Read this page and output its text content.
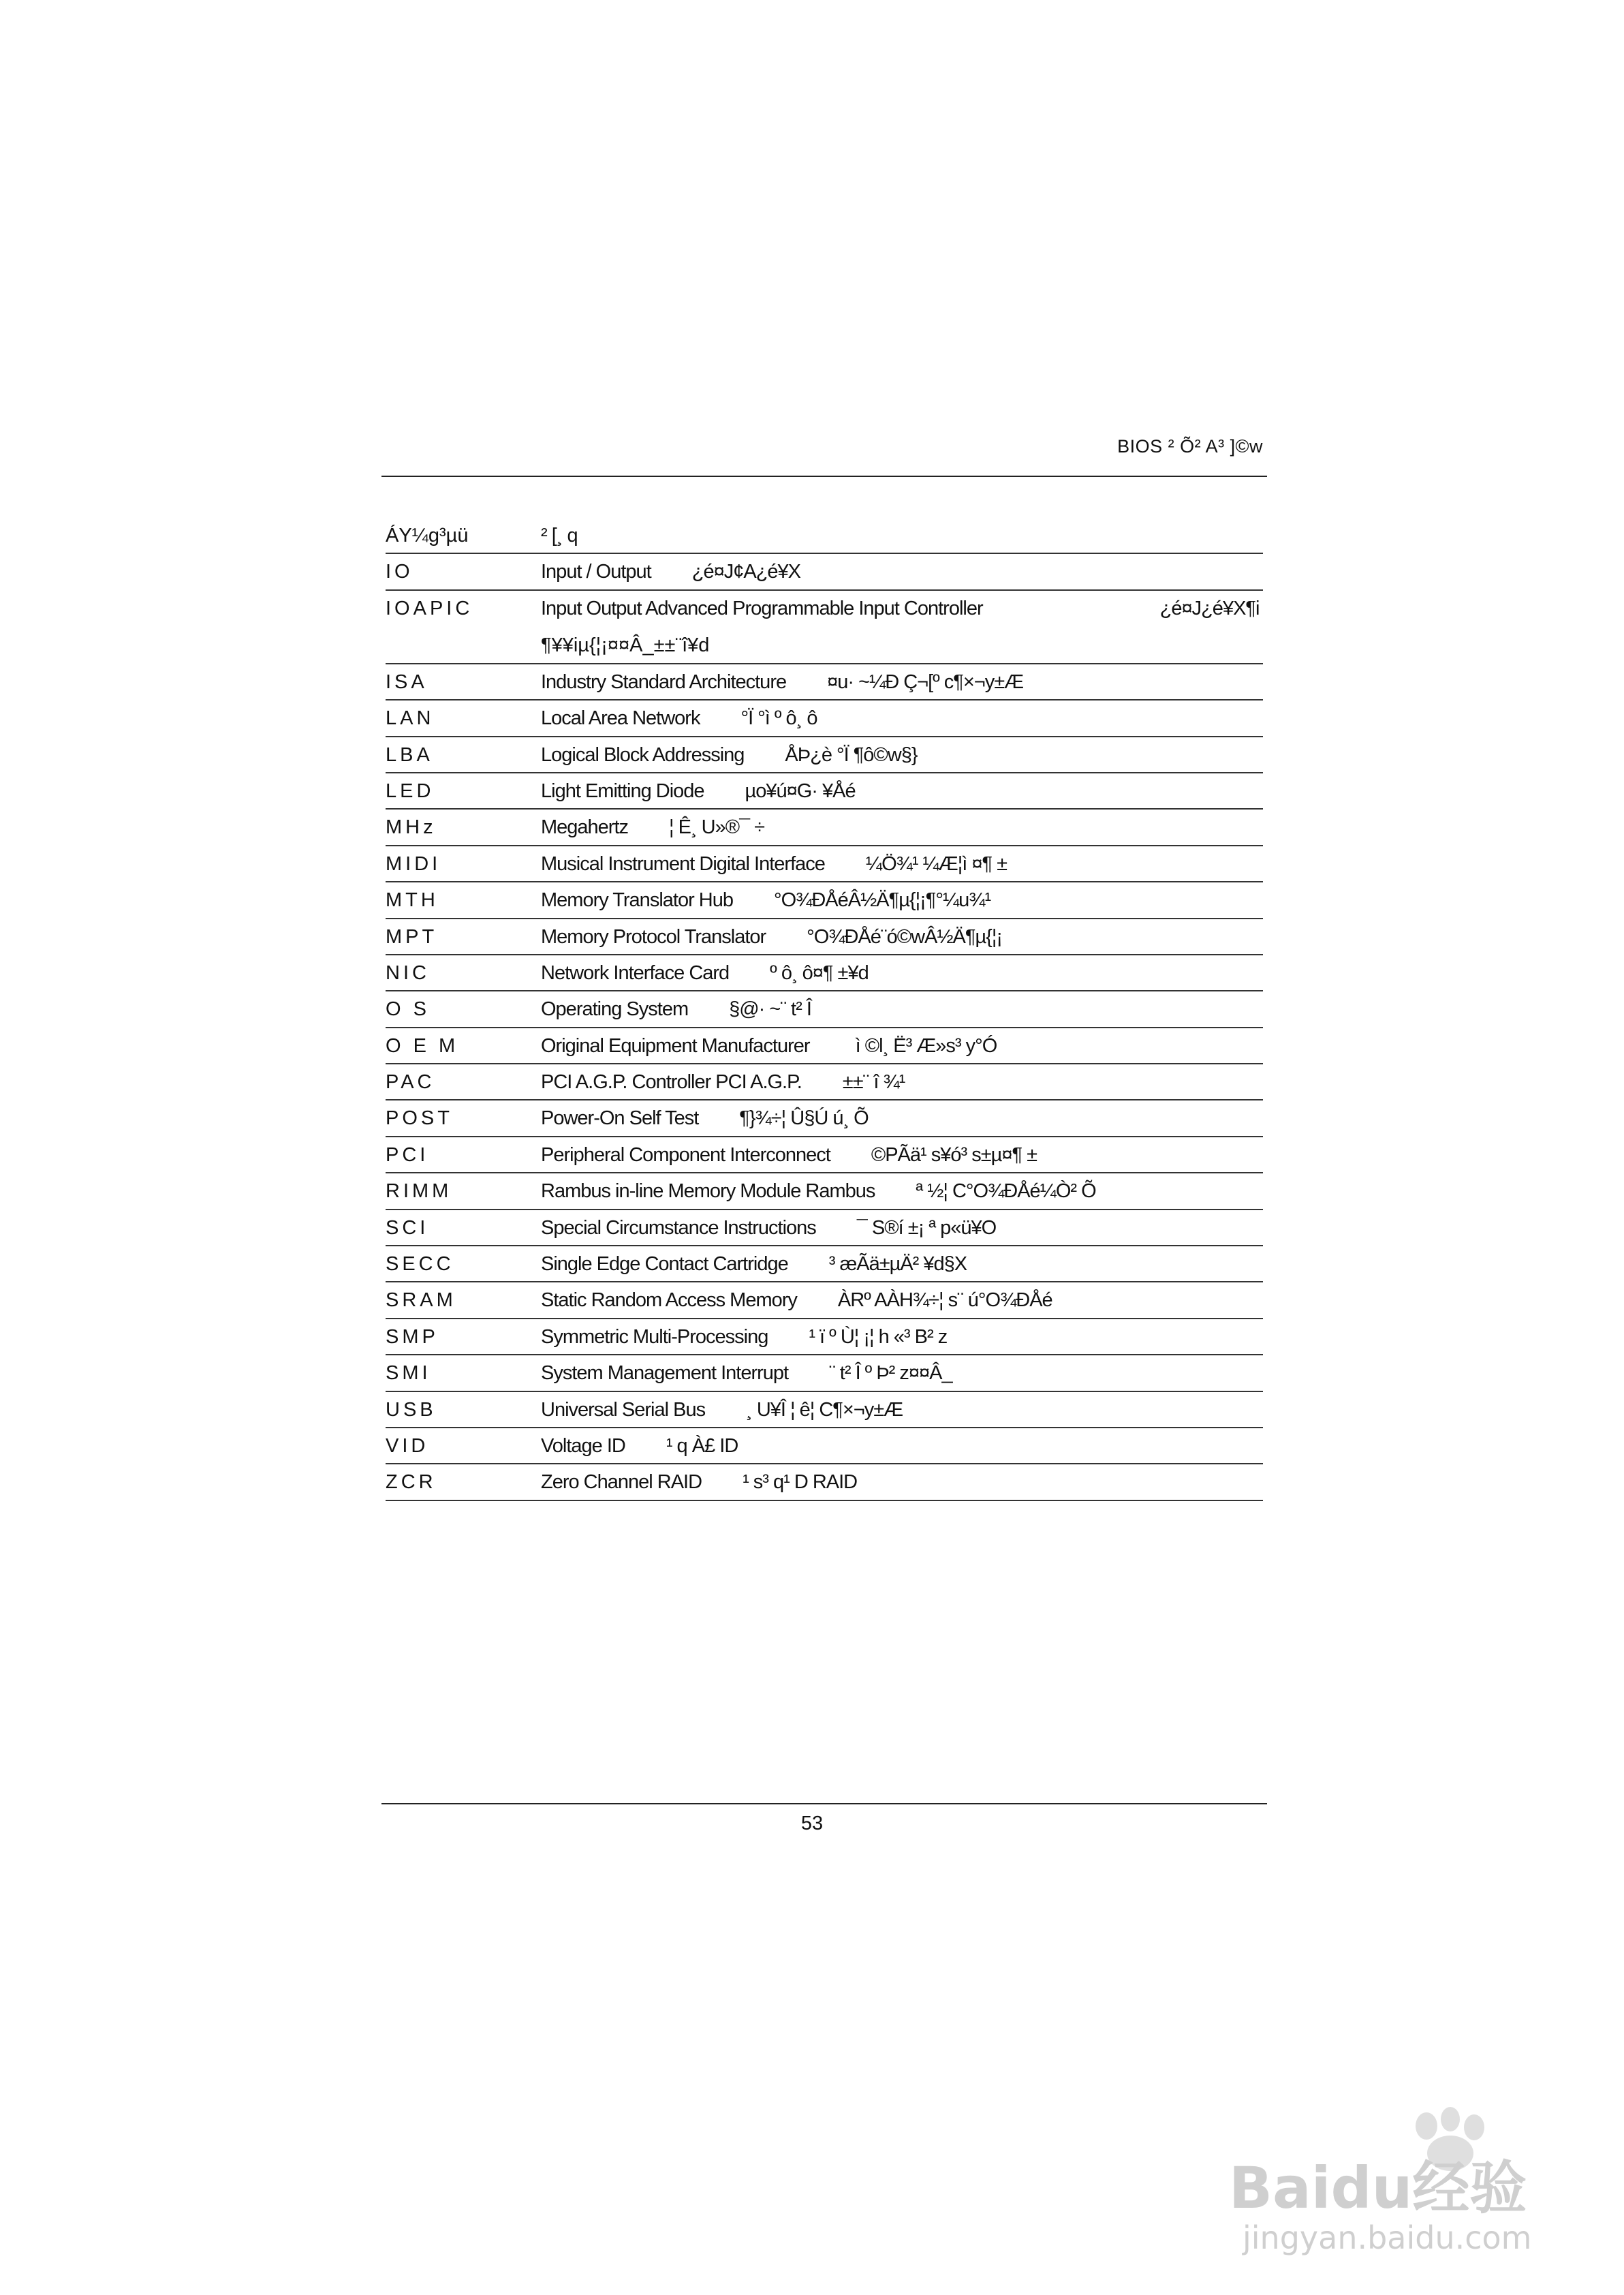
BIOS ² Õ² A³ ]©w
ÁY¼g³µü	² [¸ q
IO	Input / Output ¿é¤J¢A¿é¥X
IOAPIC	Input Output Advanced Programmable Input Controller	¿é¤J¿é¥X¶i
¶¥¥iµ{¦¡¤¤Â_±±¨î¥d
ISA	Industry Standard Architecture ¤u· ~¼Ð Ç¬[º c¶×¬y±Æ
LAN	Local Area Network °Ï °ì º ô¸ ô
LBA	Logical Block Addressing ÅÞ¿è °Ï ¶ô©w§}
LED	Light Emitting Diode µo¥ú¤G· ¥Åé
MHz	Megahertz ¦ Ê¸ U»®¯ ÷
MIDI	Musical Instrument Digital Interface ¼Ö¾¹ ¼Æ¦ì ¤¶ ±
MTH	Memory Translator Hub °O¾ÐÅéÂ½Ä¶µ{¦¡¶°¼u¾¹
MPT	Memory Protocol Translator °O¾ÐÅé¨ó©wÂ½Ä¶µ{¦¡
NIC	Network Interface Card º ô¸ ô¤¶ ±¥d
O S	Operating System §@· ~¨ t² Î
O E M	Original Equipment Manufacturer ì ©l¸ Ë³ Æ»s³ y°Ó
PAC	PCI A.G.P. Controller PCI A.G.P. ±±¨ î ¾¹
POST	Power-On Self Test ¶}¾÷¦ Û§Ú ú¸ Õ
PCI	Peripheral Component Interconnect ©PÃä¹ s¥ó³ s±µ¤¶ ±
RIMM	Rambus in-line Memory Module Rambus ª ½¦ C°O¾ÐÅé¼Ò² Õ
SCI	Special Circumstance Instructions ¯ S®í ±¡ ª p«ü¥O
SECC	Single Edge Contact Cartridge ³ æÃä±µÄ² ¥d§X
SRAM	Static Random Access Memory ÀRº AÀH¾÷¦ s¨ ú°O¾ÐÅé
SMP	Symmetric Multi-Processing ¹ ï º Ù¦ ¡¦ h «³ B² z
SMI	System Management Interrupt ¨ t² Î º Þ² z¤¤Â_
USB	Universal Serial Bus ¸ U¥Î ¦ ê¦ C¶×¬y±Æ
VID	Voltage ID ¹ q À£ ID
ZCR	Zero Channel RAID ¹ s³ q¹ D RAID
53
Baidu经验
jingyan.baidu.com
